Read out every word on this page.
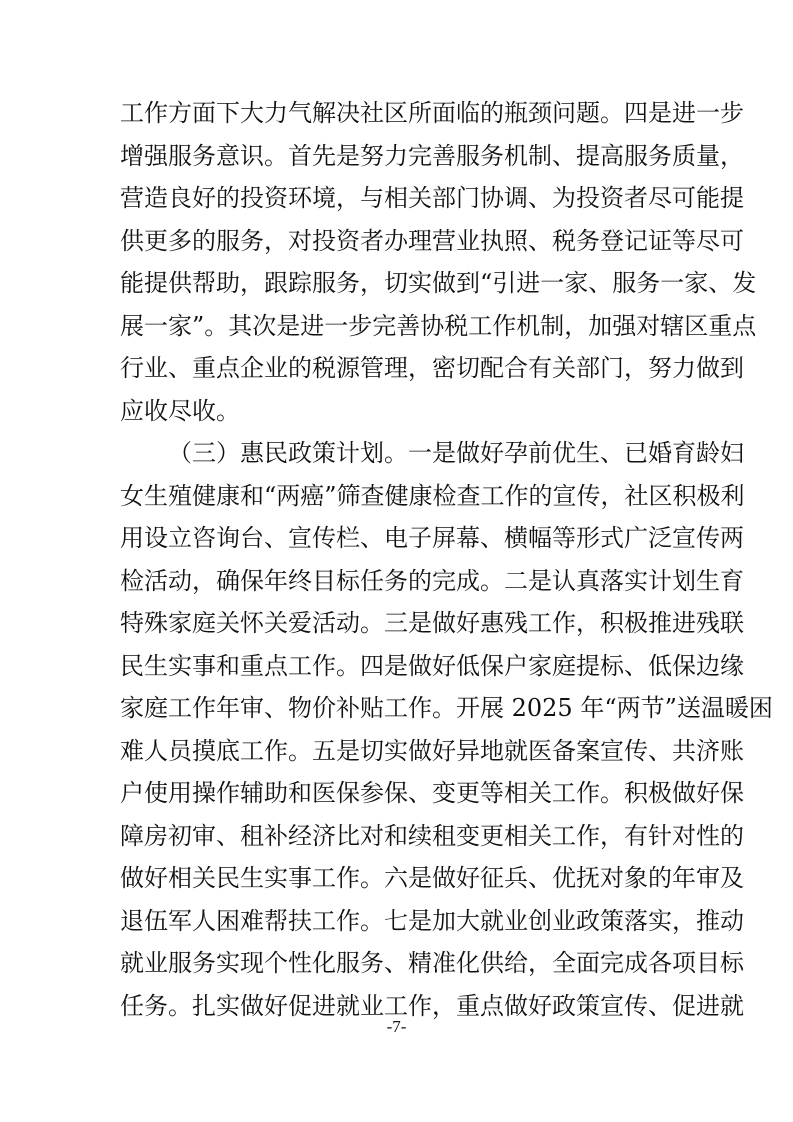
工作方面下大力气解决社区所面临的瓶颈问题。四是进一步
增强服务意识。首先是努力完善服务机制、提高服务质量，
营造良好的投资环境，与相关部门协调、为投资者尽可能提
供更多的服务，对投资者办理营业执照、税务登记证等尽可
能提供帮助，跟踪服务，切实做到“引进一家、服务一家、发
展一家”。其次是进一步完善协税工作机制，加强对辖区重点
行业、重点企业的税源管理，密切配合有关部门，努力做到
应收尽收。
（三）惠民政策计划。一是做好孕前优生、已婚育龄妇
女生殖健康和“两癌”筛查健康检查工作的宣传，社区积极利
用设立咨询台、宣传栏、电子屏幕、横幅等形式广泛宣传两
检活动，确保年终目标任务的完成。二是认真落实计划生育
特殊家庭关怀关爱活动。三是做好惠残工作，积极推进残联
民生实事和重点工作。四是做好低保户家庭提标、低保边缘
家庭工作年审、物价补贴工作。开展 2025 年“两节”送温暖困
难人员摸底工作。五是切实做好异地就医备案宣传、共济账
户使用操作辅助和医保参保、变更等相关工作。积极做好保
障房初审、租补经济比对和续租变更相关工作，有针对性的
做好相关民生实事工作。六是做好征兵、优抚对象的年审及
退伍军人困难帮扶工作。七是加大就业创业政策落实，推动
就业服务实现个性化服务、精准化供给，全面完成各项目标
任务。扎实做好促进就业工作，重点做好政策宣传、促进就
-7-
